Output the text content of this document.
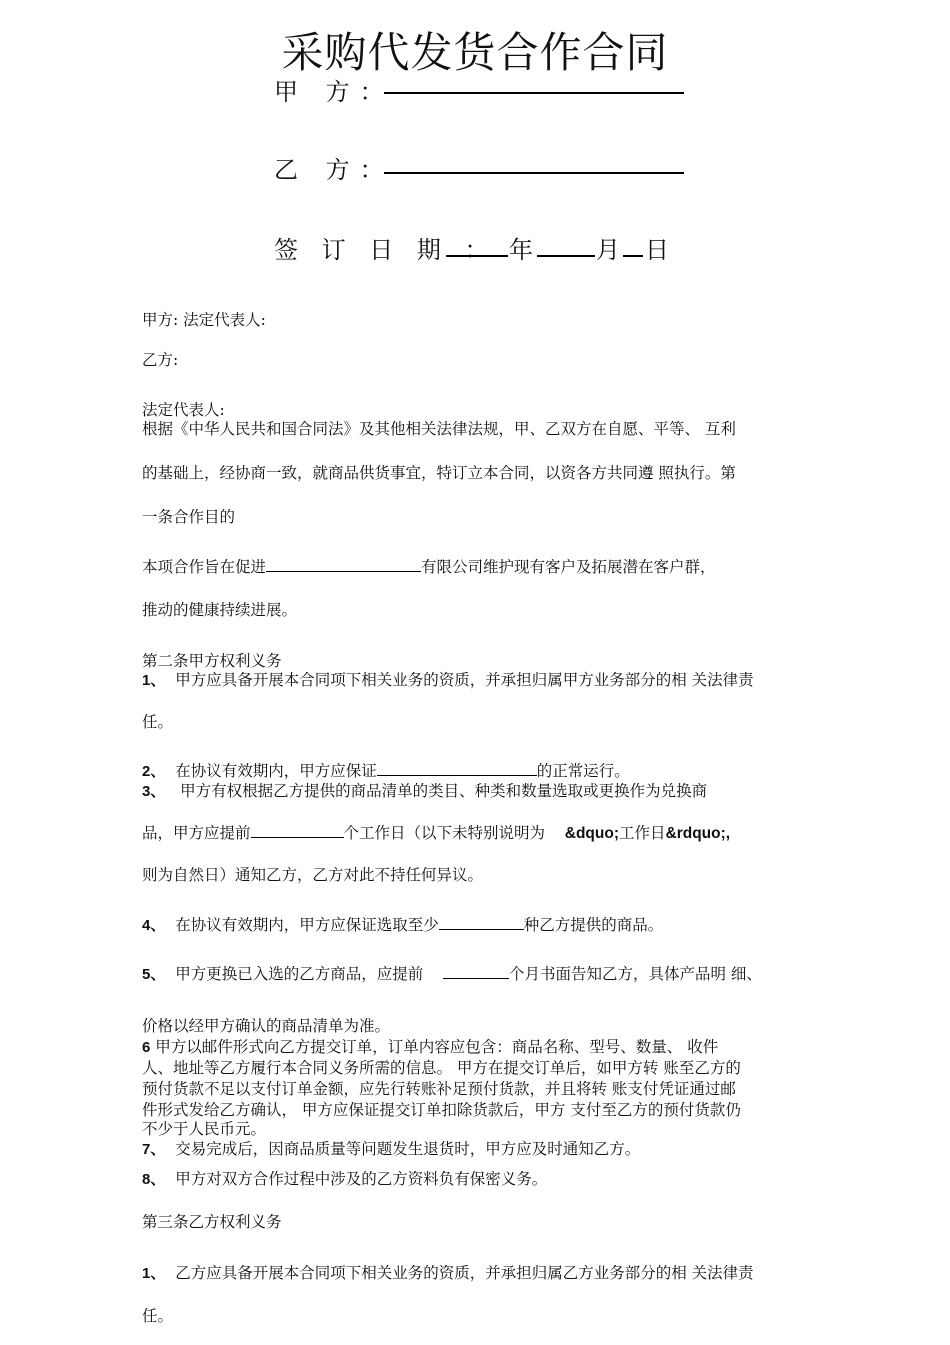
采购代发货合作合同
甲 方：
乙 方：
签 订 日 期 ： 年	月 日
甲方: 法定代表人:
乙方:
法定代表人:
根据《中华人民共和国合同法》及其他相关法律法规，甲、乙双方在自愿、平等、 互利
的基础上，经协商一致，就商品供货事宜，特订立本合同，以资各方共同遵 照执行。第
一条合作目的
本项合作旨在促进	有限公司维护现有客户及拓展潜在客户群，
推动的健康持续进展。
第二条甲方权利义务
1、 甲方应具备开展本合同项下相关业务的资质，并承担归属甲方业务部分的相 关法律责
任。
2、 在协议有效期内，甲方应保证	的正常运行。
3、 甲方有权根据乙方提供的商品清单的类目、种类和数量选取或更换作为兑换商
品，甲方应提前	个工作日（以下未特别说明为 &dquo;工作日&rdquo;,
则为自然日）通知乙方，乙方对此不持任何异议。
4、 在协议有效期内，甲方应保证选取至少	种乙方提供的商品。
5、 甲方更换已入选的乙方商品，应提前	个月书面告知乙方，具体产品明 细、
价格以经甲方确认的商品清单为准。
6 甲方以邮件形式向乙方提交订单，订单内容应包含：商品名称、型号、数量、 收件
人、地址等乙方履行本合同义务所需的信息。 甲方在提交订单后，如甲方转 账至乙方的
预付货款不足以支付订单金额，应先行转账补足预付货款，并且将转 账支付凭证通过邮
件形式发给乙方确认， 甲方应保证提交订单扣除货款后，甲方 支付至乙方的预付货款仍
不少于人民币元。
7、 交易完成后，因商品质量等问题发生退货时，甲方应及时通知乙方。
8、 甲方对双方合作过程中涉及的乙方资料负有保密义务。
第三条乙方权利义务
1、 乙方应具备开展本合同项下相关业务的资质，并承担归属乙方业务部分的相 关法律责
任。
